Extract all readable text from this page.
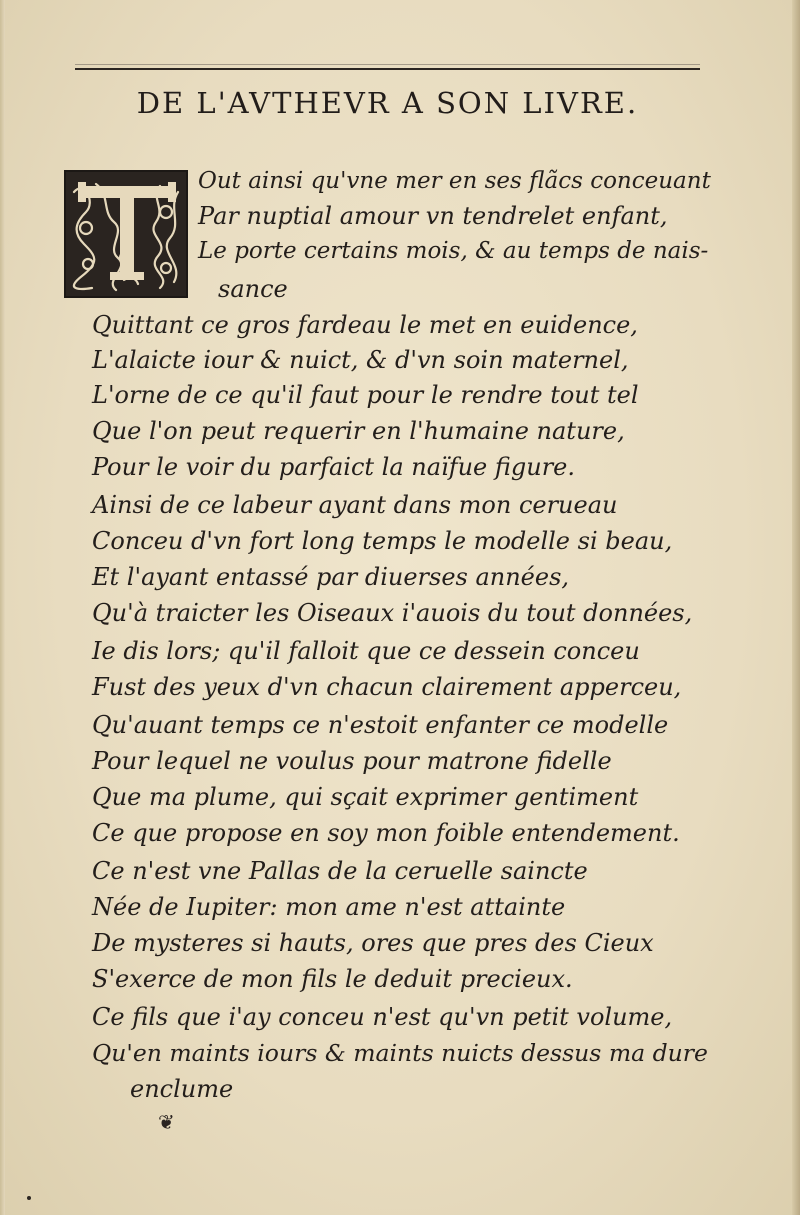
DE L'AVTHEVR A SON LIVRE.
Out ainsi qu'vne mer en ses flãcs conceuant
Par nuptial amour vn tendrelet enfant,
Le porte certains mois, & au temps de nais-
sance
Quittant ce gros fardeau le met en euidence,
L'alaicte iour & nuict, & d'vn soin maternel,
L'orne de ce qu'il faut pour le rendre tout tel
Que l'on peut requerir en l'humaine nature,
Pour le voir du parfaict la naïfue figure.
Ainsi de ce labeur ayant dans mon cerueau
Conceu d'vn fort long temps le modelle si beau,
Et l'ayant entassé par diuerses années,
Qu'à traicter les Oiseaux i'auois du tout données,
Ie dis lors; qu'il falloit que ce dessein conceu
Fust des yeux d'vn chacun clairement apperceu,
Qu'auant temps ce n'estoit enfanter ce modelle
Pour lequel ne voulus pour matrone fidelle
Que ma plume, qui sçait exprimer gentiment
Ce que propose en soy mon foible entendement.
Ce n'est vne Pallas de la ceruelle saincte
Née de Iupiter: mon ame n'est attainte
De mysteres si hauts, ores que pres des Cieux
S'exerce de mon fils le deduit precieux.
Ce fils que i'ay conceu n'est qu'vn petit volume,
Qu'en maints iours & maints nuicts dessus ma dure
enclume
❦
